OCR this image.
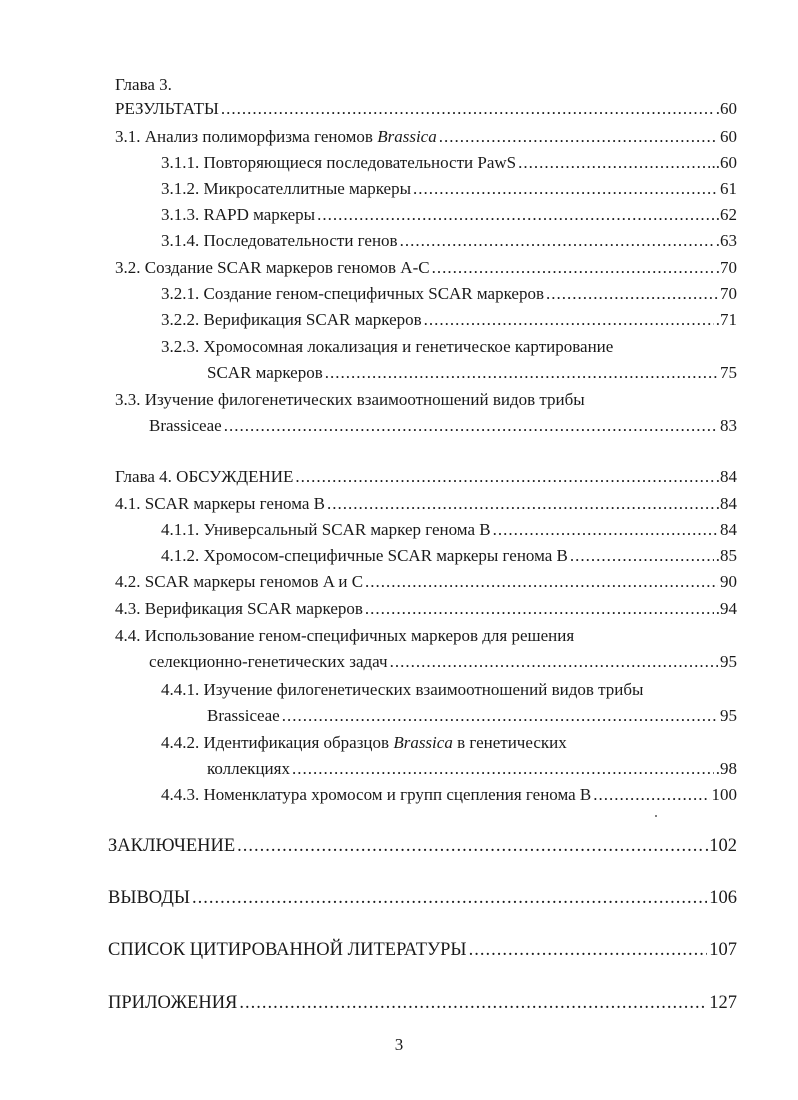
Глава 3.
РЕЗУЛЬТАТЫ .....	.60
3.1. Анализ полиморфизма геномов Brassica .....	60
3.1.1. Повторяющиеся последовательности PawS .....	..60
3.1.2. Микросателлитные маркеры .....	61
3.1.3. RAPD маркеры .....	.62
3.1.4. Последовательности генов .....	.63
3.2. Создание SCAR маркеров геномов A-C .....	.70
3.2.1. Создание геном-специфичных SCAR маркеров .....	70
3.2.2. Верификация SCAR маркеров .....	.71
3.2.3. Хромосомная локализация и генетическое картирование
SCAR маркеров .....	75
3.3. Изучение филогенетических взаимоотношений видов трибы
Brassiceae .....	83
Глава 4. ОБСУЖДЕНИЕ .....	.84
4.1. SCAR маркеры генома B .....	.84
4.1.1. Универсальный SCAR маркер генома B .....	84
4.1.2. Хромосом-специфичные SCAR маркеры генома B .....	.85
4.2. SCAR маркеры геномов A и C .....	90
4.3. Верификация SCAR маркеров .....	.94
4.4. Использование геном-специфичных маркеров для решения
селекционно-генетических задач .....	95
4.4.1. Изучение филогенетических взаимоотношений видов трибы
Brassiceae .....	95
4.4.2. Идентификация образцов Brassica в генетических
коллекциях .....	.98
4.4.3. Номенклатура хромосом и групп сцепления генома B .....	100
ЗАКЛЮЧЕНИЕ .....	.102
ВЫВОДЫ .....	106
СПИСОК ЦИТИРОВАННОЙ ЛИТЕРАТУРЫ .....	107
ПРИЛОЖЕНИЯ .....	127
3
